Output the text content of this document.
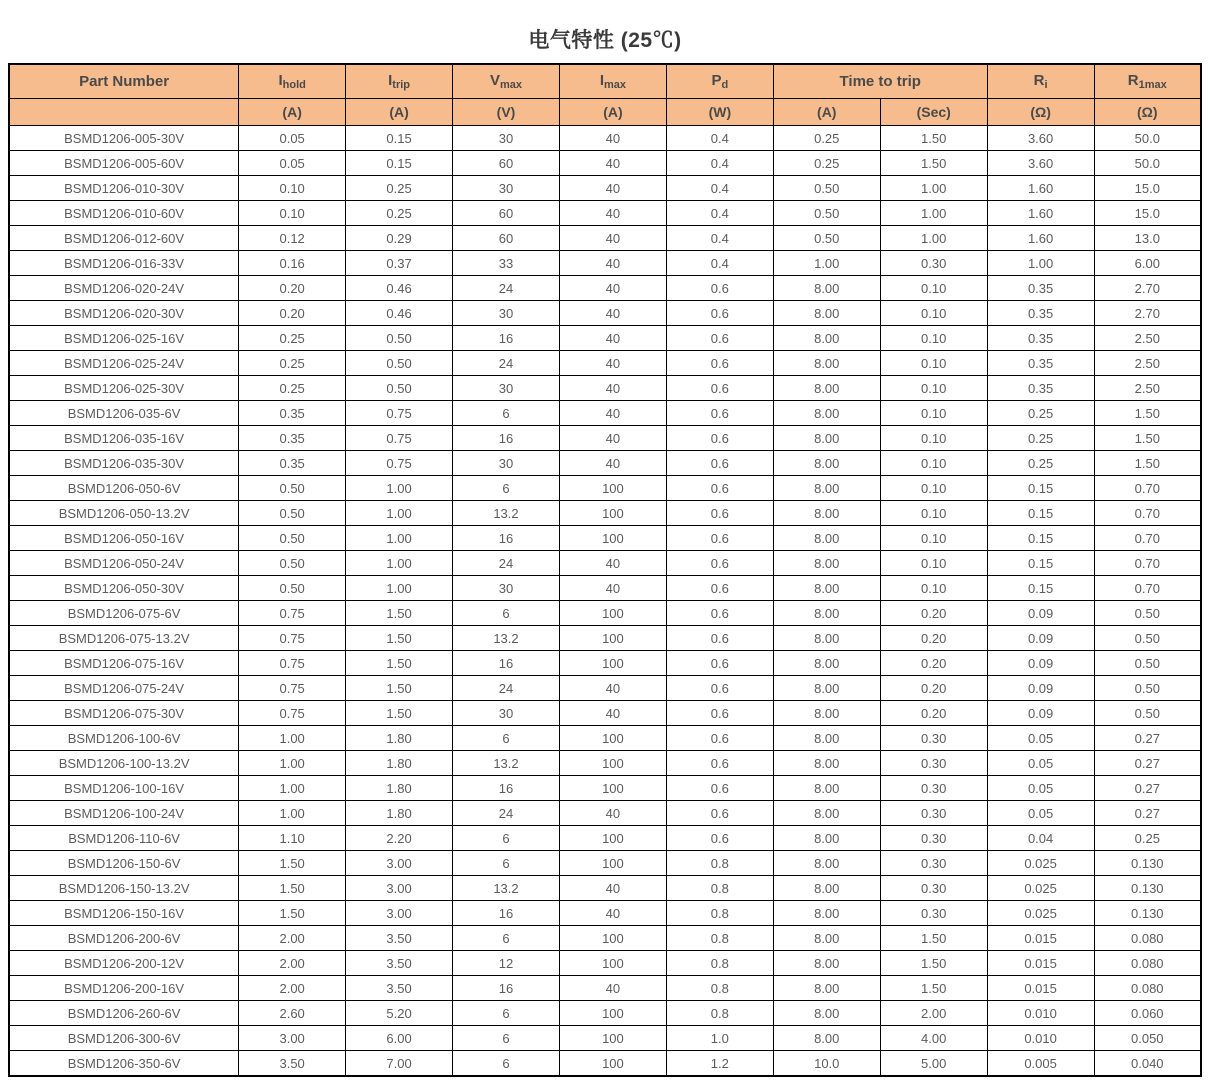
电气特性 (25℃)
Part Number	$I_{hold}$	$I_{trip}$	$V_{max}$	$I_{max}$	$P_d$	Time to trip		$R_i$	$R_{1max}$
	(A)	(A)	(V)	(A)	(W)	(A)	(Sec)	(Ω)	(Ω)
BSMD1206-005-30V	0.05	0.15	30	40	0.4	0.25	1.50	3.60	50.0
BSMD1206-005-60V	0.05	0.15	60	40	0.4	0.25	1.50	3.60	50.0
BSMD1206-010-30V	0.10	0.25	30	40	0.4	0.50	1.00	1.60	15.0
BSMD1206-010-60V	0.10	0.25	60	40	0.4	0.50	1.00	1.60	15.0
BSMD1206-012-60V	0.12	0.29	60	40	0.4	0.50	1.00	1.60	13.0
BSMD1206-016-33V	0.16	0.37	33	40	0.4	1.00	0.30	1.00	6.00
BSMD1206-020-24V	0.20	0.46	24	40	0.6	8.00	0.10	0.35	2.70
BSMD1206-020-30V	0.20	0.46	30	40	0.6	8.00	0.10	0.35	2.70
BSMD1206-025-16V	0.25	0.50	16	40	0.6	8.00	0.10	0.35	2.50
BSMD1206-025-24V	0.25	0.50	24	40	0.6	8.00	0.10	0.35	2.50
BSMD1206-025-30V	0.25	0.50	30	40	0.6	8.00	0.10	0.35	2.50
BSMD1206-035-6V	0.35	0.75	6	40	0.6	8.00	0.10	0.25	1.50
BSMD1206-035-16V	0.35	0.75	16	40	0.6	8.00	0.10	0.25	1.50
BSMD1206-035-30V	0.35	0.75	30	40	0.6	8.00	0.10	0.25	1.50
BSMD1206-050-6V	0.50	1.00	6	100	0.6	8.00	0.10	0.15	0.70
BSMD1206-050-13.2V	0.50	1.00	13.2	100	0.6	8.00	0.10	0.15	0.70
BSMD1206-050-16V	0.50	1.00	16	100	0.6	8.00	0.10	0.15	0.70
BSMD1206-050-24V	0.50	1.00	24	40	0.6	8.00	0.10	0.15	0.70
BSMD1206-050-30V	0.50	1.00	30	40	0.6	8.00	0.10	0.15	0.70
BSMD1206-075-6V	0.75	1.50	6	100	0.6	8.00	0.20	0.09	0.50
BSMD1206-075-13.2V	0.75	1.50	13.2	100	0.6	8.00	0.20	0.09	0.50
BSMD1206-075-16V	0.75	1.50	16	100	0.6	8.00	0.20	0.09	0.50
BSMD1206-075-24V	0.75	1.50	24	40	0.6	8.00	0.20	0.09	0.50
BSMD1206-075-30V	0.75	1.50	30	40	0.6	8.00	0.20	0.09	0.50
BSMD1206-100-6V	1.00	1.80	6	100	0.6	8.00	0.30	0.05	0.27
BSMD1206-100-13.2V	1.00	1.80	13.2	100	0.6	8.00	0.30	0.05	0.27
BSMD1206-100-16V	1.00	1.80	16	100	0.6	8.00	0.30	0.05	0.27
BSMD1206-100-24V	1.00	1.80	24	40	0.6	8.00	0.30	0.05	0.27
BSMD1206-110-6V	1.10	2.20	6	100	0.6	8.00	0.30	0.04	0.25
BSMD1206-150-6V	1.50	3.00	6	100	0.8	8.00	0.30	0.025	0.130
BSMD1206-150-13.2V	1.50	3.00	13.2	40	0.8	8.00	0.30	0.025	0.130
BSMD1206-150-16V	1.50	3.00	16	40	0.8	8.00	0.30	0.025	0.130
BSMD1206-200-6V	2.00	3.50	6	100	0.8	8.00	1.50	0.015	0.080
BSMD1206-200-12V	2.00	3.50	12	100	0.8	8.00	1.50	0.015	0.080
BSMD1206-200-16V	2.00	3.50	16	40	0.8	8.00	1.50	0.015	0.080
BSMD1206-260-6V	2.60	5.20	6	100	0.8	8.00	2.00	0.010	0.060
BSMD1206-300-6V	3.00	6.00	6	100	1.0	8.00	4.00	0.010	0.050
BSMD1206-350-6V	3.50	7.00	6	100	1.2	10.0	5.00	0.005	0.040
